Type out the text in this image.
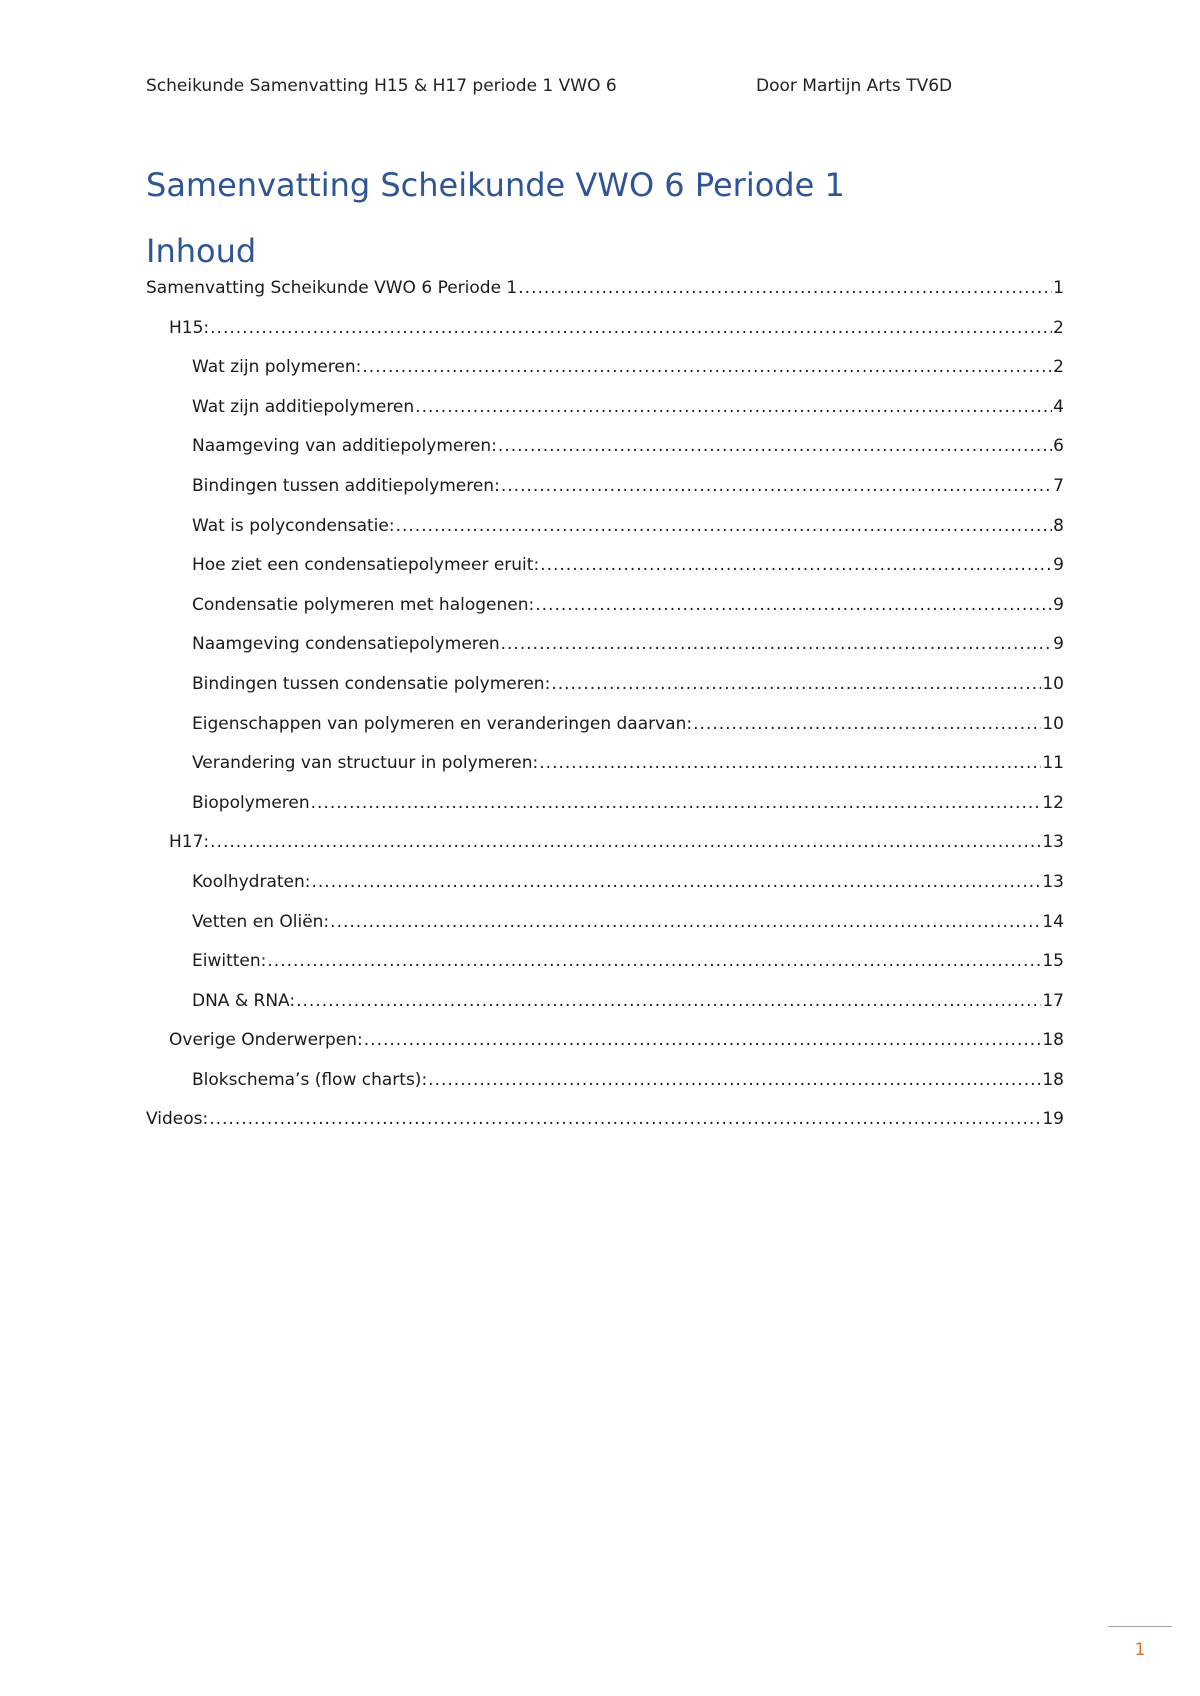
Scheikunde Samenvatting H15 & H17 periode 1 VWO 6	Door Martijn Arts TV6D
Samenvatting Scheikunde VWO 6 Periode 1
Inhoud
Samenvatting Scheikunde VWO 6 Periode 1 .....	1
H15: .....	2
Wat zijn polymeren: .....	2
Wat zijn additiepolymeren .....	4
Naamgeving van additiepolymeren: .....	6
Bindingen tussen additiepolymeren: .....	7
Wat is polycondensatie: .....	8
Hoe ziet een condensatiepolymeer eruit: .....	9
Condensatie polymeren met halogenen: .....	9
Naamgeving condensatiepolymeren .....	9
Bindingen tussen condensatie polymeren: .....	10
Eigenschappen van polymeren en veranderingen daarvan: .....	10
Verandering van structuur in polymeren: .....	11
Biopolymeren .....	12
H17: .....	13
Koolhydraten: .....	13
Vetten en Oliën: .....	14
Eiwitten: .....	15
DNA & RNA: .....	17
Overige Onderwerpen: .....	18
Blokschema’s (flow charts): .....	18
Videos: .....	19
1
